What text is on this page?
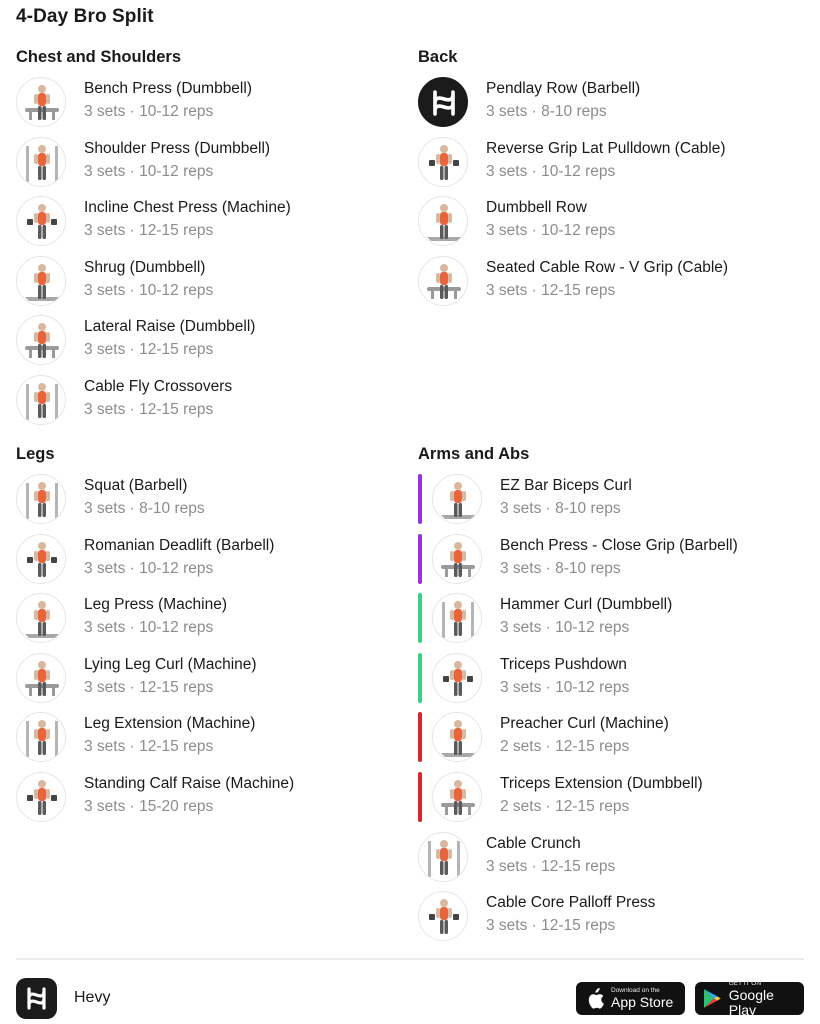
4-Day Bro Split
Chest and Shoulders
Bench Press (Dumbbell)
3 sets · 10-12 reps
Shoulder Press (Dumbbell)
3 sets · 10-12 reps
Incline Chest Press (Machine)
3 sets · 12-15 reps
Shrug (Dumbbell)
3 sets · 10-12 reps
Lateral Raise (Dumbbell)
3 sets · 12-15 reps
Cable Fly Crossovers
3 sets · 12-15 reps
Back
Pendlay Row (Barbell)
3 sets · 8-10 reps
Reverse Grip Lat Pulldown (Cable)
3 sets · 10-12 reps
Dumbbell Row
3 sets · 10-12 reps
Seated Cable Row - V Grip (Cable)
3 sets · 12-15 reps
Legs
Squat (Barbell)
3 sets · 8-10 reps
Romanian Deadlift (Barbell)
3 sets · 10-12 reps
Leg Press (Machine)
3 sets · 10-12 reps
Lying Leg Curl (Machine)
3 sets · 12-15 reps
Leg Extension (Machine)
3 sets · 12-15 reps
Standing Calf Raise (Machine)
3 sets · 15-20 reps
Arms and Abs
EZ Bar Biceps Curl
3 sets · 8-10 reps
Bench Press - Close Grip (Barbell)
3 sets · 8-10 reps
Hammer Curl (Dumbbell)
3 sets · 10-12 reps
Triceps Pushdown
3 sets · 10-12 reps
Preacher Curl (Machine)
2 sets · 12-15 reps
Triceps Extension (Dumbbell)
2 sets · 12-15 reps
Cable Crunch
3 sets · 12-15 reps
Cable Core Palloff Press
3 sets · 12-15 reps
Hevy	Download on the
App Store
GET IT ON
Google Play
